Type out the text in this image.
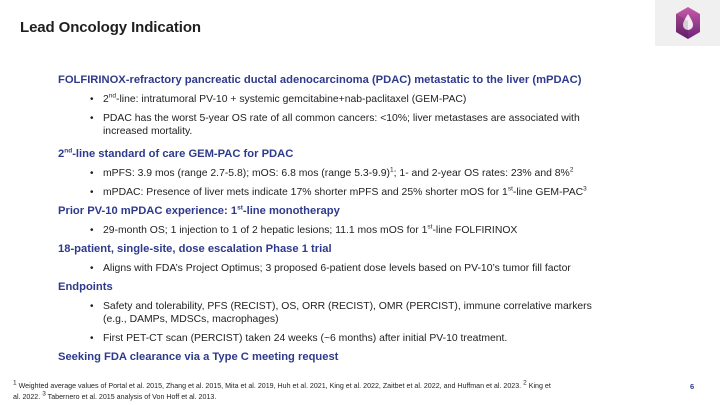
Lead Oncology Indication
FOLFIRINOX-refractory pancreatic ductal adenocarcinoma (PDAC) metastatic to the liver (mPDAC)
• 2nd-line: intratumoral PV-10 + systemic gemcitabine+nab-paclitaxel (GEM-PAC)
• PDAC has the worst 5-year OS rate of all common cancers: <10%; liver metastases are associated with
increased mortality.
2nd-line standard of care GEM-PAC for PDAC
• mPFS: 3.9 mos (range 2.7-5.8); mOS: 6.8 mos (range 5.3-9.9)$^1$; 1- and 2-year OS rates: 23% and 8%$^2$
• mPDAC: Presence of liver mets indicate 17% shorter mPFS and 25% shorter mOS for 1st-line GEM-PAC$^3$
Prior PV-10 mPDAC experience: 1st-line monotherapy
• 29-month OS; 1 injection to 1 of 2 hepatic lesions; 11.1 mos mOS for 1st-line FOLFIRINOX
18-patient, single-site, dose escalation Phase 1 trial
• Aligns with FDA’s Project Optimus; 3 proposed 6-patient dose levels based on PV-10’s tumor fill factor
Endpoints
• Safety and tolerability, PFS (RECIST), OS, ORR (RECIST), OMR (PERCIST), immune correlative markers
(e.g., DAMPs, MDSCs, macrophages)
• First PET-CT scan (PERCIST) taken 24 weeks (~6 months) after initial PV-10 treatment.
Seeking FDA clearance via a Type C meeting request
$^1$ Weighted average values of Portal et al. 2015, Zhang et al. 2015, Mita et al. 2019, Huh et al. 2021, King et al. 2022, Zaitbet et al. 2022, and Huffman et al. 2023. $^2$ King et
al. 2022. $^3$ Tabernero et al. 2015 analysis of Von Hoff et al. 2013.
6
